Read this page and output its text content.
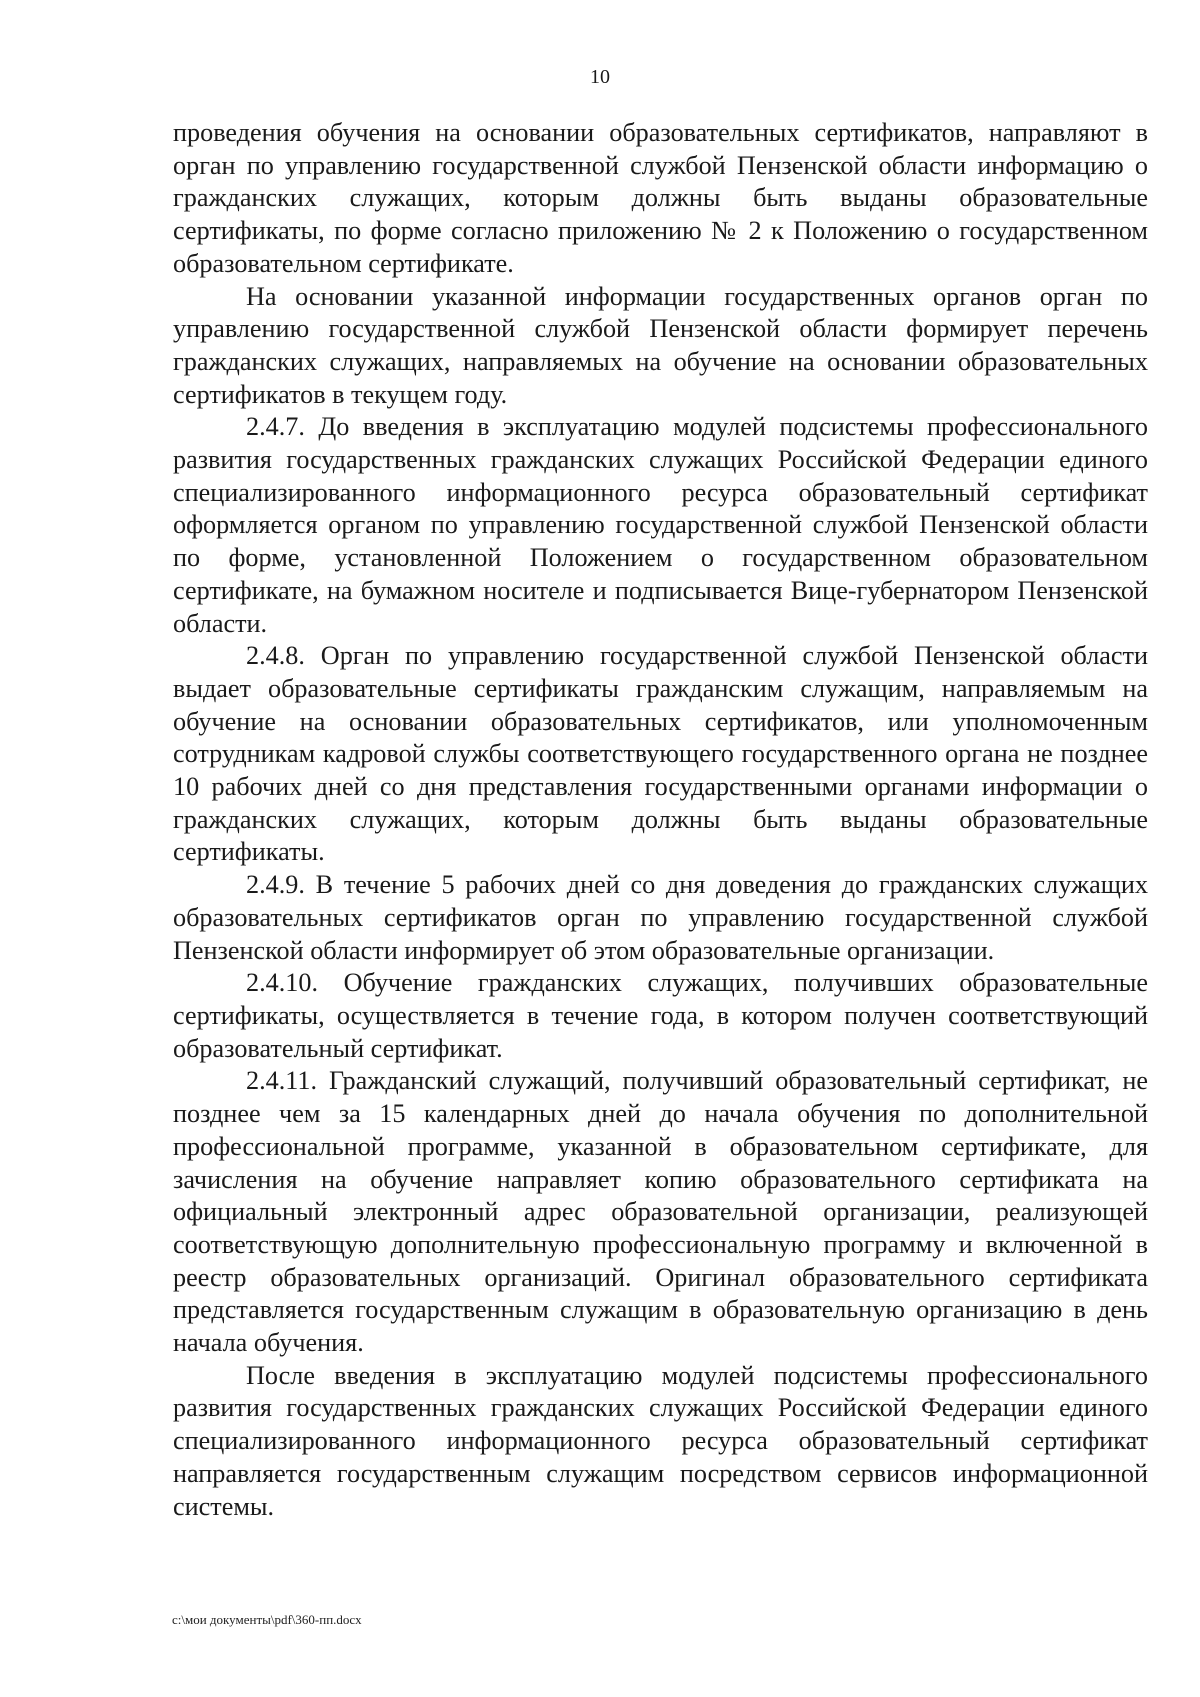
10

проведения обучения на основании образовательных сертификатов, направляют в орган по управлению государственной службой Пензенской области информацию о гражданских служащих, которым должны быть выданы образовательные сертификаты, по форме согласно приложению № 2 к Положению о государственном образовательном сертификате.

На основании указанной информации государственных органов орган по управлению государственной службой Пензенской области формирует перечень гражданских служащих, направляемых на обучение на основании образовательных сертификатов в текущем году.

2.4.7. До введения в эксплуатацию модулей подсистемы профессионального развития государственных гражданских служащих Российской Федерации единого специализированного информационного ресурса образовательный сертификат оформляется органом по управлению государственной службой Пензенской области по форме, установленной Положением о государственном образовательном сертификате, на бумажном носителе и подписывается Вице-губернатором Пензенской области.

2.4.8. Орган по управлению государственной службой Пензенской области выдает образовательные сертификаты гражданским служащим, направляемым на обучение на основании образовательных сертификатов, или уполномоченным сотрудникам кадровой службы соответствующего государственного органа не позднее 10 рабочих дней со дня представления государственными органами информации о гражданских служащих, которым должны быть выданы образовательные сертификаты.

2.4.9. В течение 5 рабочих дней со дня доведения до гражданских служащих образовательных сертификатов орган по управлению государственной службой Пензенской области информирует об этом образовательные организации.

2.4.10. Обучение гражданских служащих, получивших образовательные сертификаты, осуществляется в течение года, в котором получен соответствующий образовательный сертификат.

2.4.11. Гражданский служащий, получивший образовательный сертификат, не позднее чем за 15 календарных дней до начала обучения по дополнительной профессиональной программе, указанной в образовательном сертификате, для зачисления на обучение направляет копию образовательного сертификата на официальный электронный адрес образовательной организации, реализующей соответствующую дополнительную профессиональную программу и включенной в реестр образовательных организаций. Оригинал образовательного сертификата представляется государственным служащим в образовательную организацию в день начала обучения.

После введения в эксплуатацию модулей подсистемы профессионального развития государственных гражданских служащих Российской Федерации единого специализированного информационного ресурса образовательный сертификат направляется государственным служащим посредством сервисов информационной системы.

c:\мои документы\pdf\360-пп.docx
